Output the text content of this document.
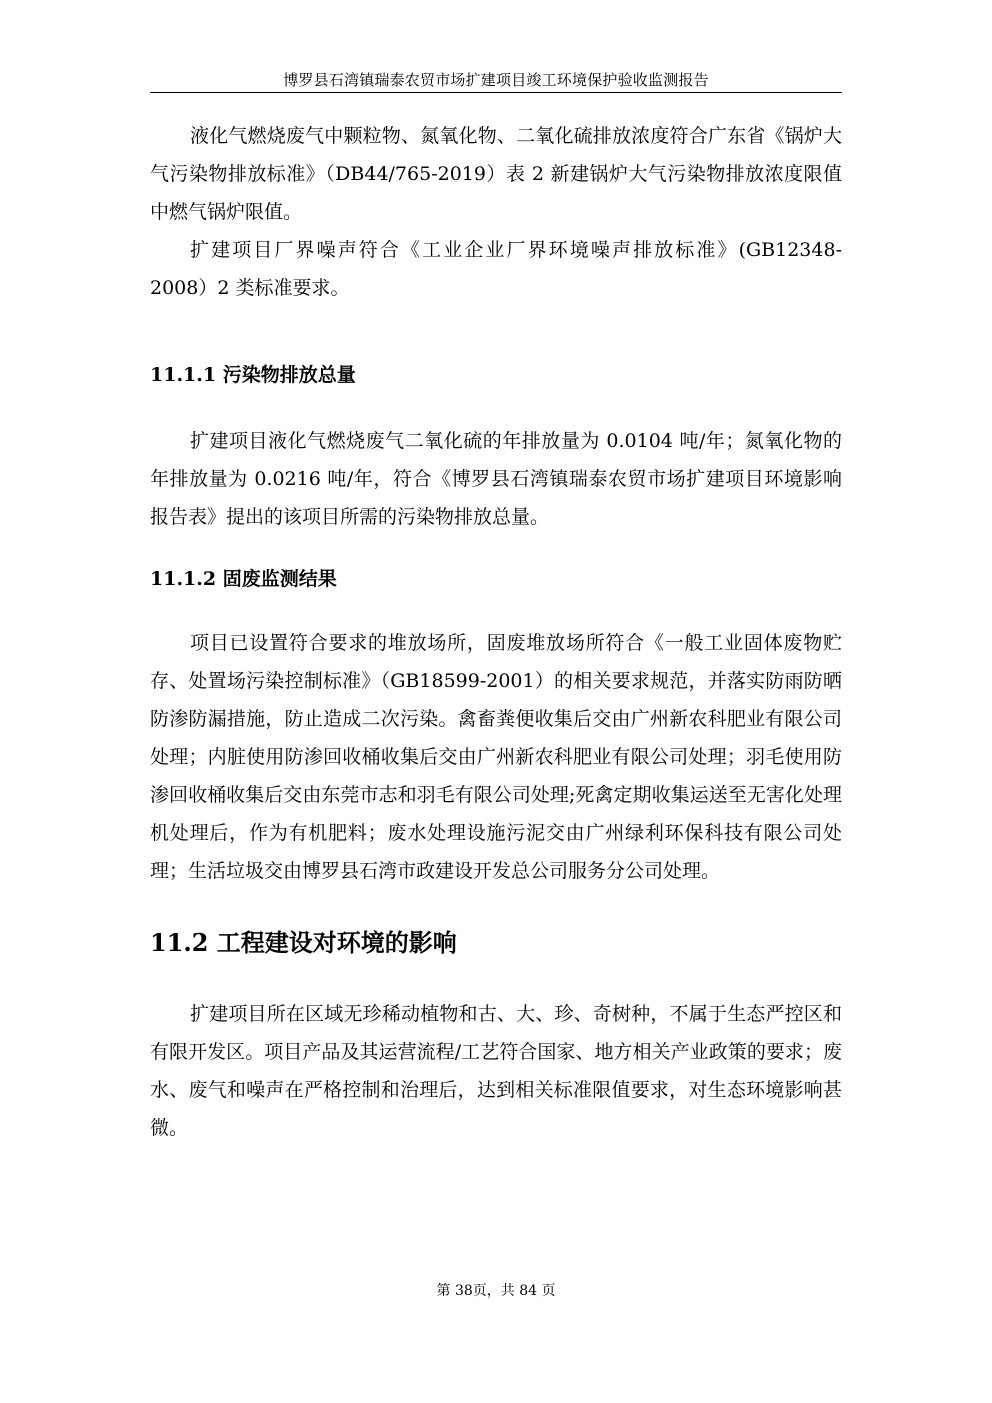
博罗县石湾镇瑞泰农贸市场扩建项目竣工环境保护验收监测报告

液化气燃烧废气中颗粒物、氮氧化物、二氧化硫排放浓度符合广东省《锅炉大气污染物排放标准》（DB44/765-2019）表 2 新建锅炉大气污染物排放浓度限值中燃气锅炉限值。

扩建项目厂界噪声符合《工业企业厂界环境噪声排放标准》(GB12348-2008）2 类标准要求。

11.1.1 污染物排放总量

扩建项目液化气燃烧废气二氧化硫的年排放量为 0.0104 吨/年；氮氧化物的年排放量为 0.0216 吨/年，符合《博罗县石湾镇瑞泰农贸市场扩建项目环境影响报告表》提出的该项目所需的污染物排放总量。

11.1.2 固废监测结果

项目已设置符合要求的堆放场所，固废堆放场所符合《一般工业固体废物贮存、处置场污染控制标准》（GB18599-2001）的相关要求规范，并落实防雨防晒防渗防漏措施，防止造成二次污染。禽畜粪便收集后交由广州新农科肥业有限公司处理；内脏使用防渗回收桶收集后交由广州新农科肥业有限公司处理；羽毛使用防渗回收桶收集后交由东莞市志和羽毛有限公司处理;死禽定期收集运送至无害化处理机处理后，作为有机肥料；废水处理设施污泥交由广州绿利环保科技有限公司处理；生活垃圾交由博罗县石湾市政建设开发总公司服务分公司处理。

11.2 工程建设对环境的影响

扩建项目所在区域无珍稀动植物和古、大、珍、奇树种，不属于生态严控区和有限开发区。项目产品及其运营流程/工艺符合国家、地方相关产业政策的要求；废水、废气和噪声在严格控制和治理后，达到相关标准限值要求，对生态环境影响甚微。

第 38页，共 84 页
